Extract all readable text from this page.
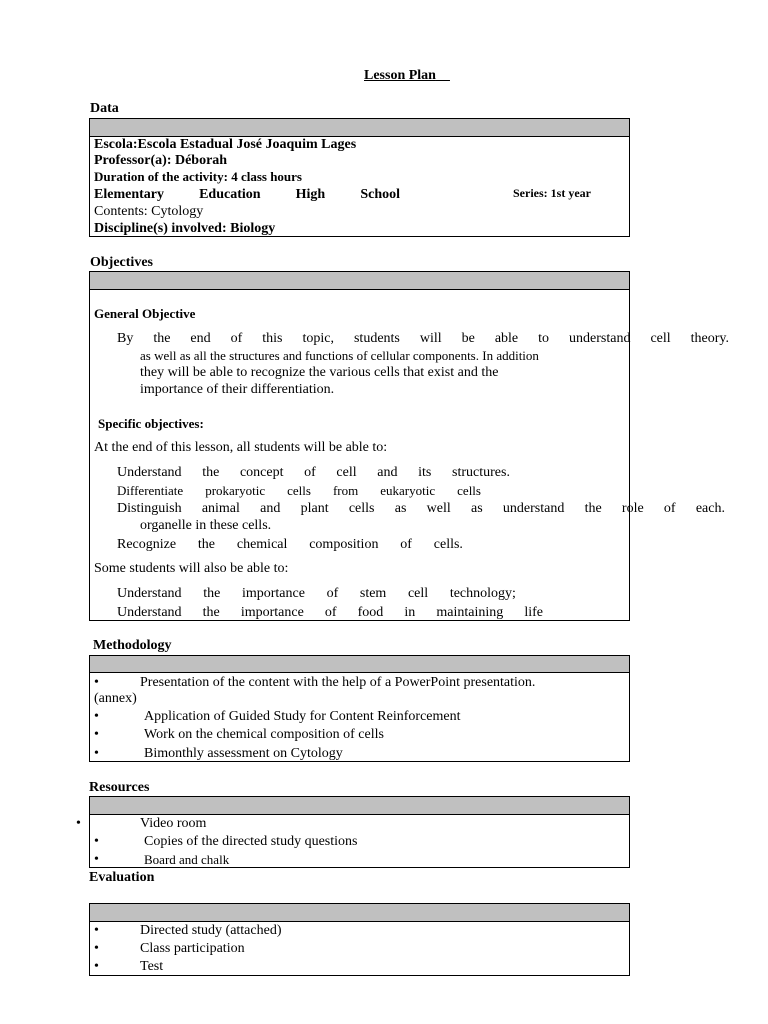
Lesson Plan
Data
Escola:Escola Estadual José Joaquim Lages
Professor(a): Déborah
Duration of the activity: 4 class hours
Elementary	Education	High	School	Series: 1st year
Contents: Cytology
Discipline(s) involved: Biology
Objectives
General Objective
By the end of this topic, students will be able to understand cell theory.
as well as all the structures and functions of cellular components. In addition
they will be able to recognize the various cells that exist and the
importance of their differentiation.
Specific objectives:
At the end of this lesson, all students will be able to:
Understand the concept of cell and its structures.
Differentiate prokaryotic cells from eukaryotic cells
Distinguish animal and plant cells as well as understand the role of each.
organelle in these cells.
Recognize the chemical composition of cells.
Some students will also be able to:
Understand the importance of stem cell technology;
Understand the importance of food in maintaining life
Methodology
•	Presentation of the content with the help of a PowerPoint presentation.
(annex)
•	Application of Guided Study for Content Reinforcement
•	Work on the chemical composition of cells
•	Bimonthly assessment on Cytology
Resources
•	Video room
•	Copies of the directed study questions
•	Board and chalk
Evaluation
•	Directed study (attached)
•	Class participation
•	Test
